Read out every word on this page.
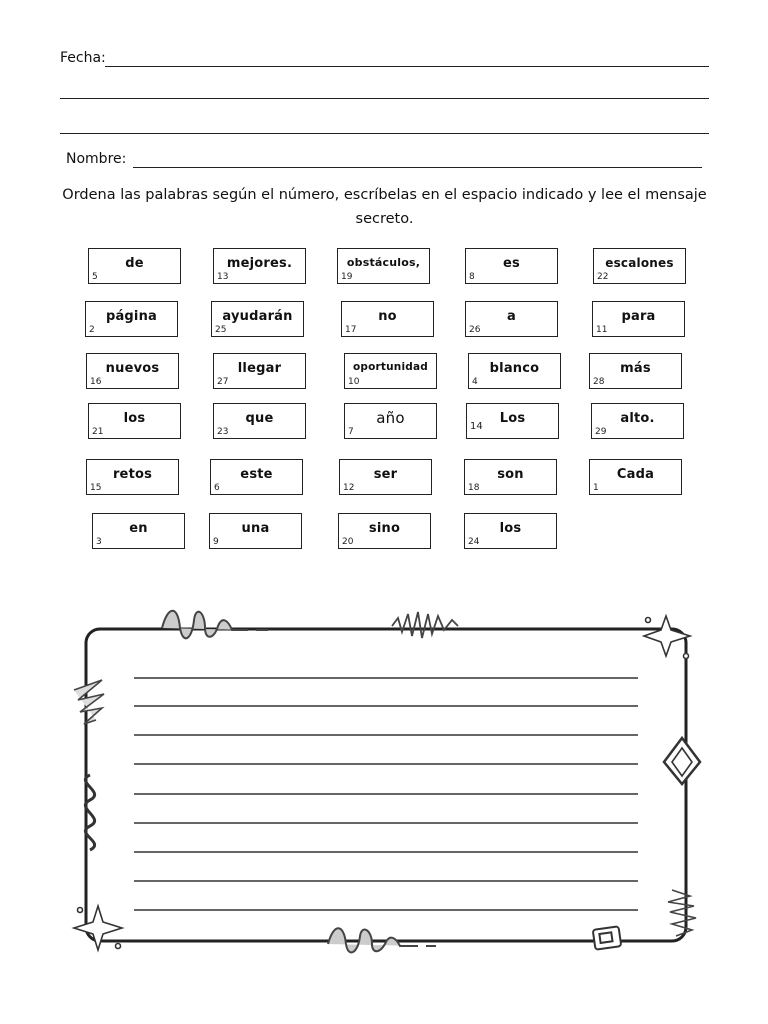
Fecha:
Nombre:
Ordena las palabras según el número, escríbelas en el espacio indicado y lee el mensaje secreto.
de
5
mejores.
13
obstáculos,
19
es
8
escalones
22
página
2
ayudarán
25
no
17
a
26
para
11
nuevos
16
llegar
27
oportunidad
10
blanco
4
más
28
los
21
que
23
año
7
Los
14
alto.
29
retos
15
este
6
ser
12
son
18
Cada
1
en
3
una
9
sino
20
los
24
